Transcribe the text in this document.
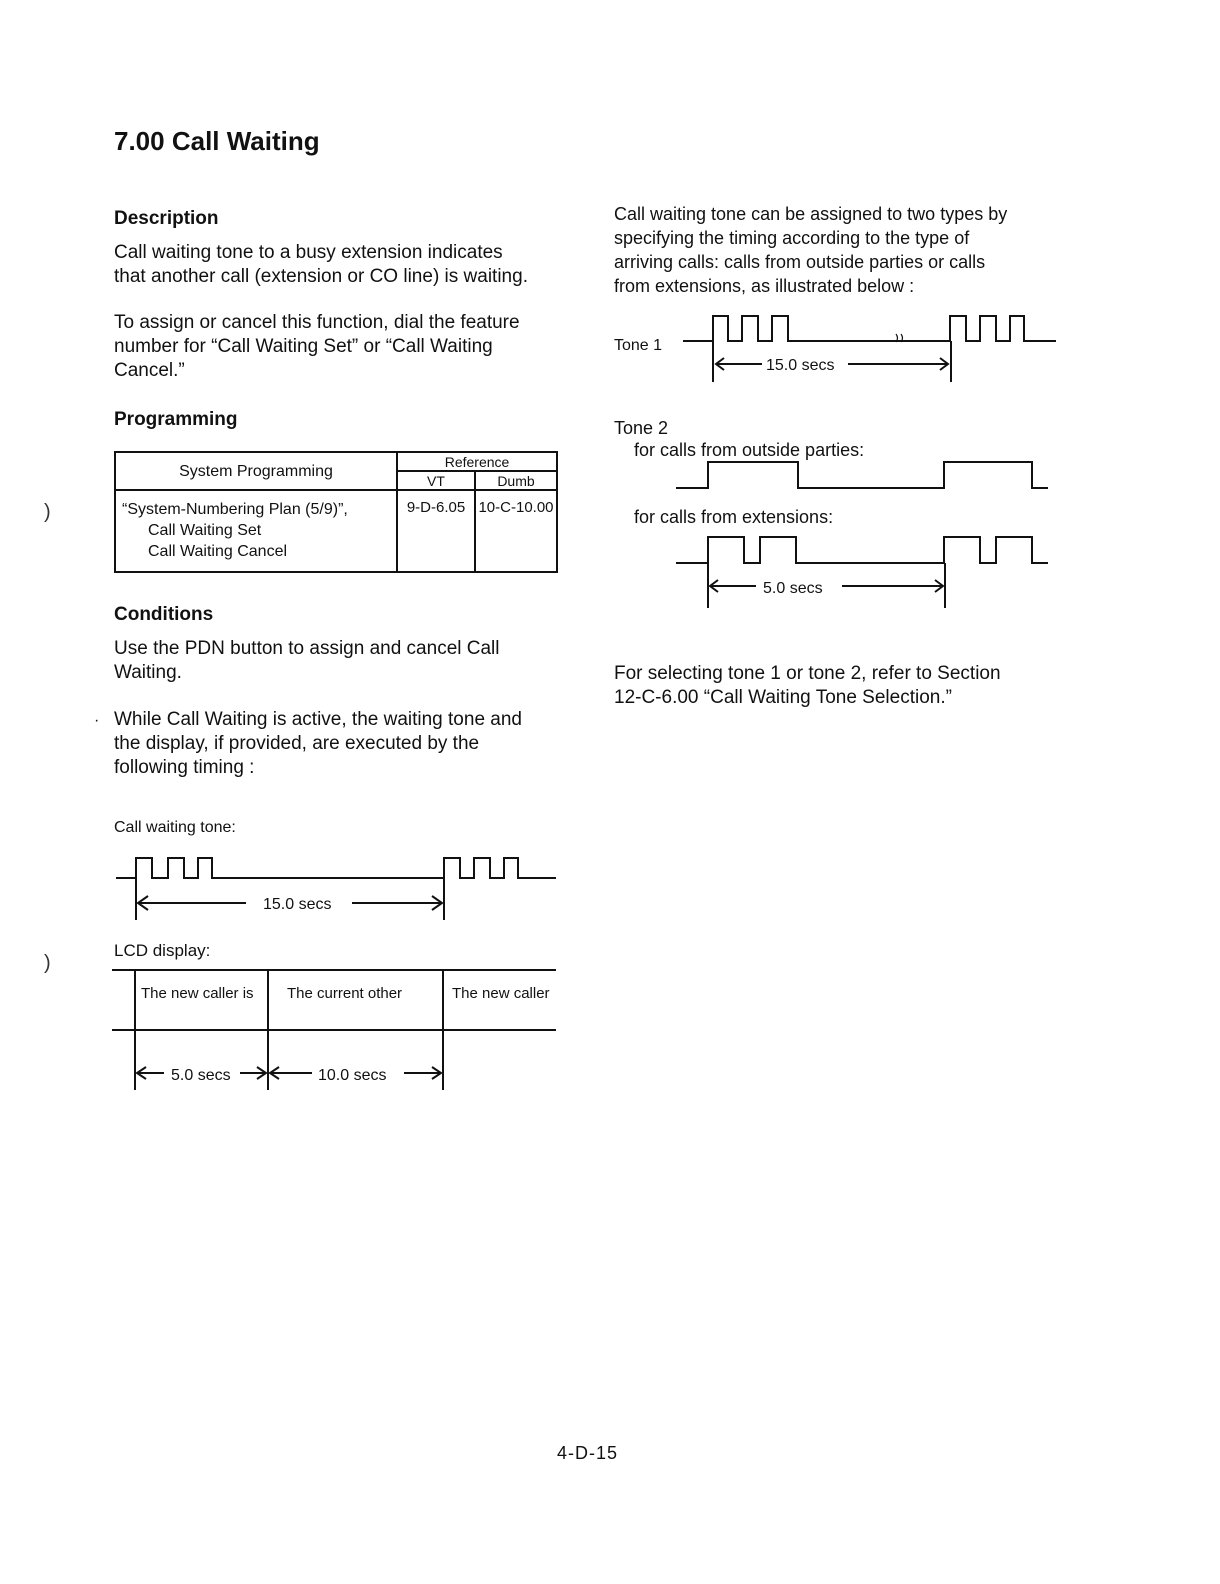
7.00 Call Waiting
Description
Call waiting tone to a busy extension indicates
that another call (extension or CO line) is waiting.
To assign or cancel this function, dial the feature
number for “Call Waiting Set” or “Call Waiting
Cancel.”
Programming
System Programming	Reference	

	VT	Dumb

“System-Numbering Plan (5/9)”,
Call Waiting Set
Call Waiting Cancel	9-D-6.05	10-C-10.00
Conditions
Use the PDN button to assign and cancel Call
Waiting.
While Call Waiting is active, the waiting tone and
the display, if provided, are executed by the
following timing :
·
Call waiting tone:
15.0 secs
LCD display:
The new caller is The current other	The new caller
5.0 secs	10.0 secs
Tone 1
15.0 secs
5.0 secs
Call waiting tone can be assigned to two types by
specifying the timing according to the type of
arriving calls: calls from outside parties or calls
from extensions, as illustrated below :
Tone 2
for calls from outside parties:
for calls from extensions:
For selecting tone 1 or tone 2, refer to Section
12-C-6.00 “Call Waiting Tone Selection.”
)
)
4-D-15
